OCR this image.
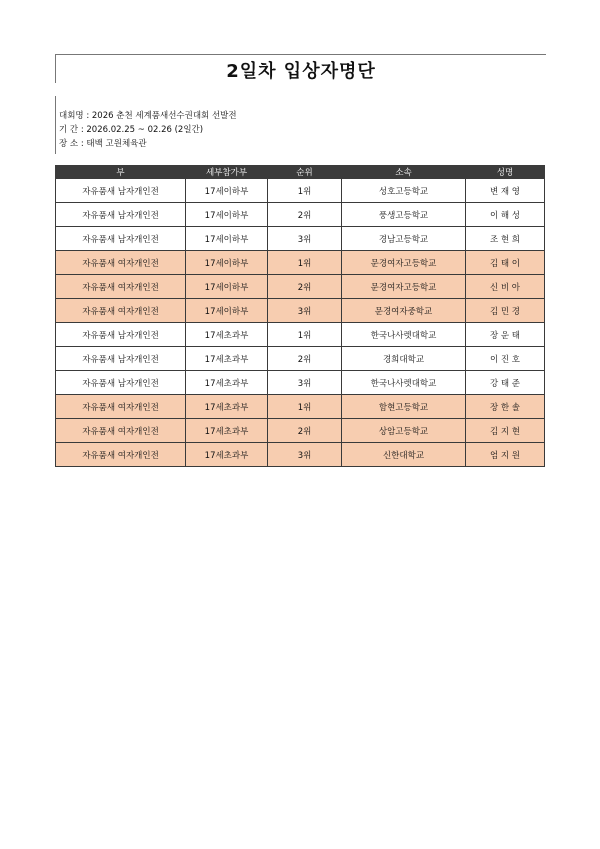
2일차 입상자명단
대회명 : 2026 춘천 세계품새선수권대회 선발전
기 간 : 2026.02.25 ~ 02.26 (2일간)
장 소 : 태백 고원체육관
부	세부참가부	순위	소속	성명
자유품새 남자개인전	17세이하부	1위	성호고등학교	변 재 영
자유품새 남자개인전	17세이하부	2위	풍생고등학교	이 해 성
자유품새 남자개인전	17세이하부	3위	경남고등학교	조 현 희
자유품새 여자개인전	17세이하부	1위	문경여자고등학교	김 태 이
자유품새 여자개인전	17세이하부	2위	문경여자고등학교	신 비 아
자유품새 여자개인전	17세이하부	3위	문경여자중학교	김 민 경
자유품새 남자개인전	17세초과부	1위	한국나사렛대학교	장 운 태
자유품새 남자개인전	17세초과부	2위	경희대학교	이 진 호
자유품새 남자개인전	17세초과부	3위	한국나사렛대학교	강 태 준
자유품새 여자개인전	17세초과부	1위	함현고등학교	장 한 솔
자유품새 여자개인전	17세초과부	2위	상암고등학교	김 지 현
자유품새 여자개인전	17세초과부	3위	신한대학교	엄 지 원
